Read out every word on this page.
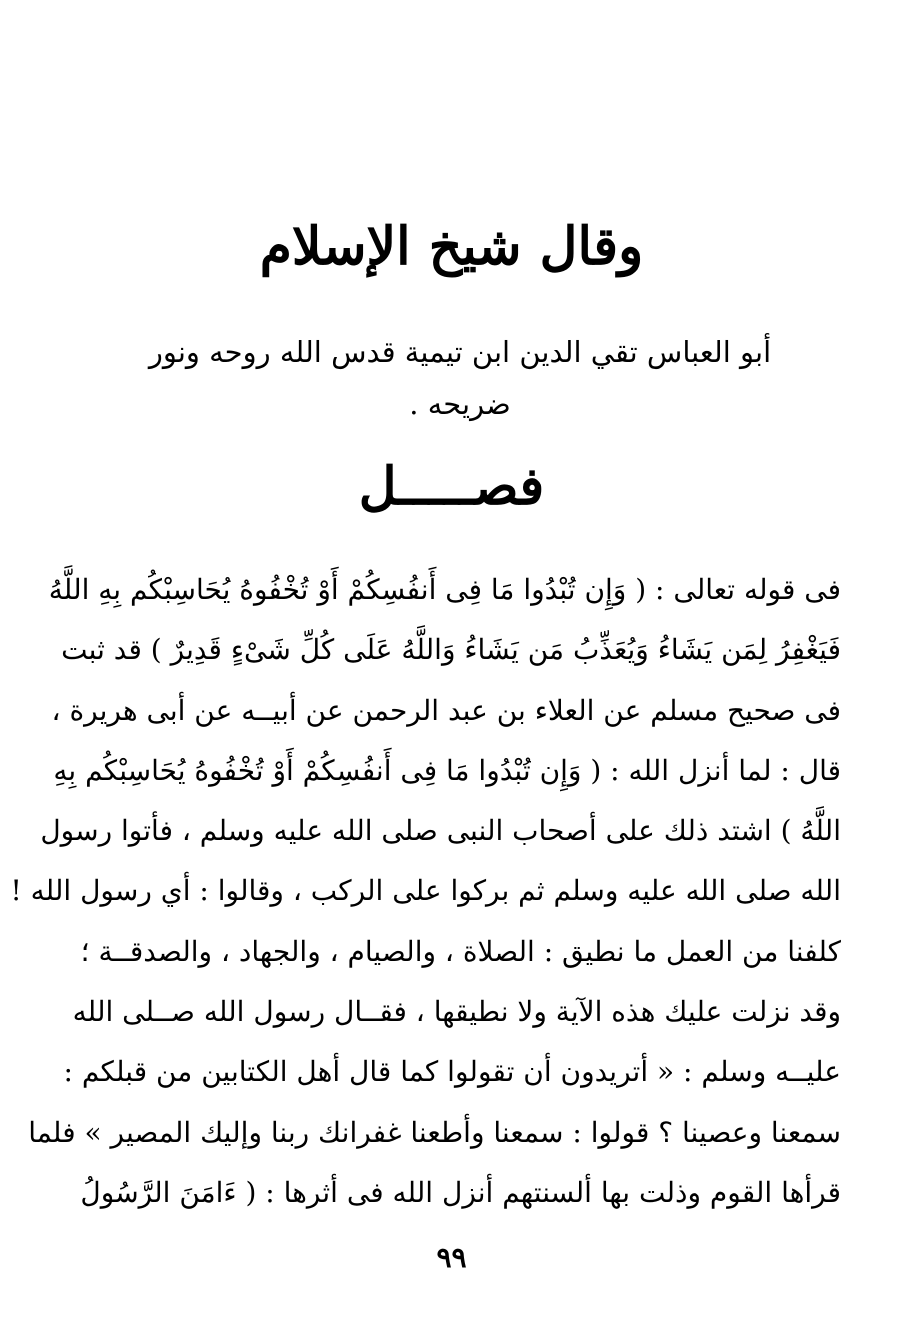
وقال شيخ الإسلام
أبو العباس تقي الدين ابن تيمية قدس الله روحه ونور ضريحه .
فصـــــل
فى قوله تعالى : ( وَإِن تُبْدُوا مَا فِى أَنفُسِكُمْ أَوْ تُخْفُوهُ يُحَاسِبْكُم بِهِ اللَّهُ
فَيَغْفِرُ لِمَن يَشَاءُ وَيُعَذِّبُ مَن يَشَاءُ وَاللَّهُ عَلَى كُلِّ شَىْءٍ قَدِيرٌ ) قد ثبت
فى صحيح مسلم عن العلاء بن عبد الرحمن عن أبيــه عن أبى هريرة ،
قال : لما أنزل الله : ( وَإِن تُبْدُوا مَا فِى أَنفُسِكُمْ أَوْ تُخْفُوهُ يُحَاسِبْكُم بِهِ
اللَّهُ ) اشتد ذلك على أصحاب النبى صلى الله عليه وسلم ، فأتوا رسول
الله صلى الله عليه وسلم ثم بركوا على الركب ، وقالوا : أي رسول الله !
كلفنا من العمل ما نطيق : الصلاة ، والصيام ، والجهاد ، والصدقــة ؛
وقد نزلت عليك هذه الآية ولا نطيقها ، فقــال رسول الله صــلى الله
عليــه وسلم : « أتريدون أن تقولوا كما قال أهل الكتابين من قبلكم :
سمعنا وعصينا ؟ قولوا : سمعنا وأطعنا غفرانك ربنا وإليك المصير » فلما
قرأها القوم وذلت بها ألسنتهم أنزل الله فى أثرها : ( ءَامَنَ الرَّسُولُ
٩٩
